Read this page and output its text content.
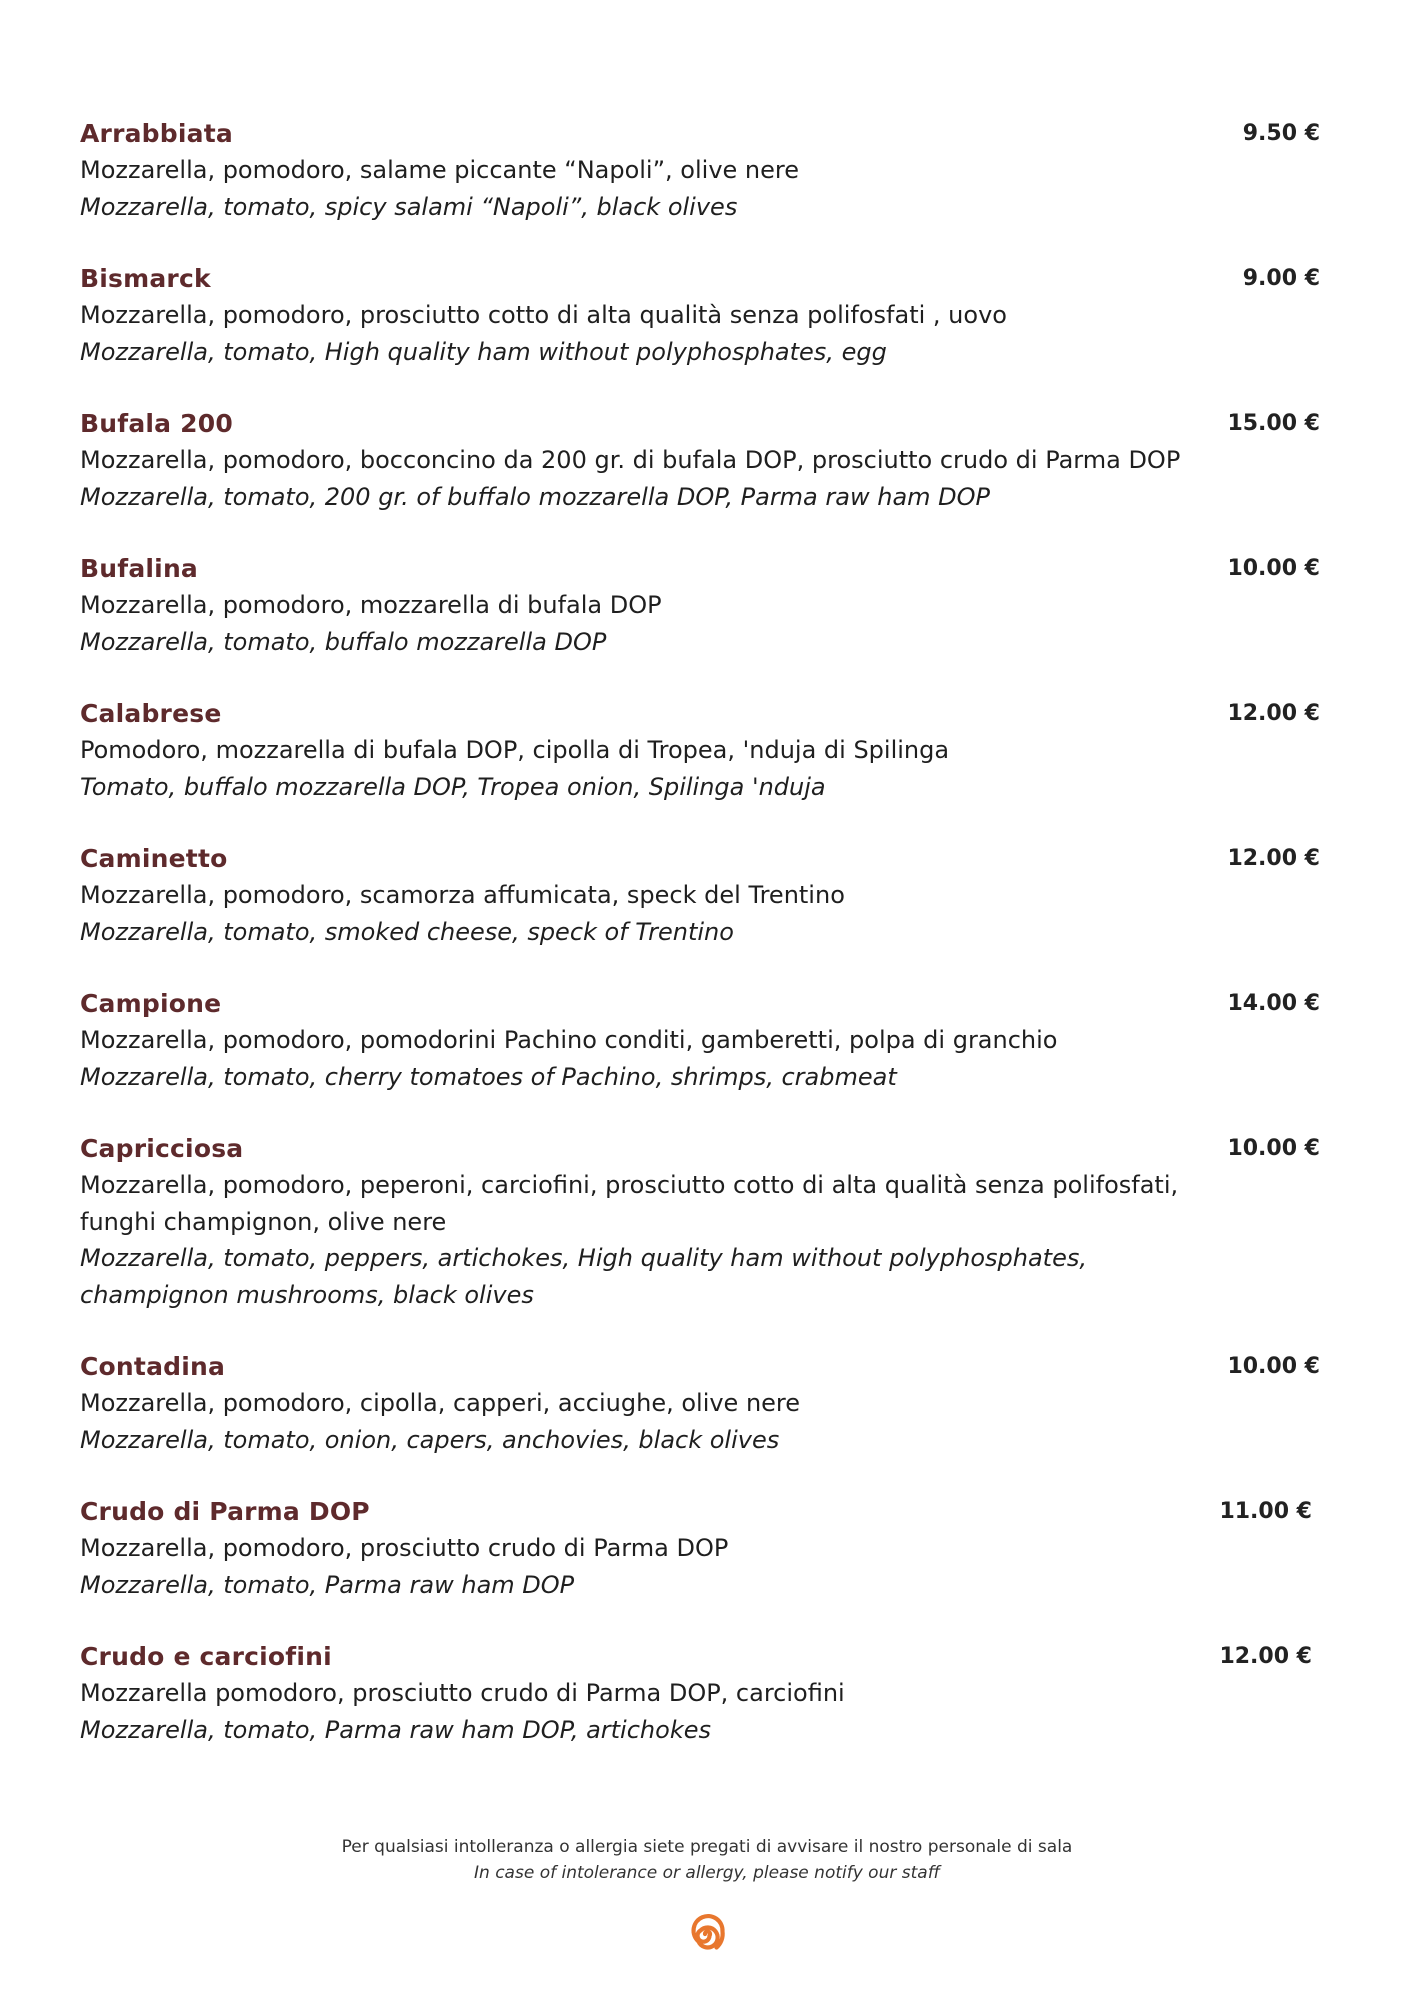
Arrabbiata	9.50 €
Mozzarella, pomodoro, salame piccante “Napoli”, olive nere
Mozzarella, tomato, spicy salami “Napoli”, black olives
Bismarck	9.00 €
Mozzarella, pomodoro, prosciutto cotto di alta qualità senza polifosfati , uovo
Mozzarella, tomato, High quality ham without polyphosphates, egg
Bufala 200	15.00 €
Mozzarella, pomodoro, bocconcino da 200 gr. di bufala DOP, prosciutto crudo di Parma DOP
Mozzarella, tomato, 200 gr. of buffalo mozzarella DOP, Parma raw ham DOP
Bufalina	10.00 €
Mozzarella, pomodoro, mozzarella di bufala DOP
Mozzarella, tomato, buffalo mozzarella DOP
Calabrese	12.00 €
Pomodoro, mozzarella di bufala DOP, cipolla di Tropea, 'nduja di Spilinga
Tomato, buffalo mozzarella DOP, Tropea onion, Spilinga 'nduja
Caminetto	12.00 €
Mozzarella, pomodoro, scamorza affumicata, speck del Trentino
Mozzarella, tomato, smoked cheese, speck of Trentino
Campione	14.00 €
Mozzarella, pomodoro, pomodorini Pachino conditi, gamberetti, polpa di granchio
Mozzarella, tomato, cherry tomatoes of Pachino, shrimps, crabmeat
Capricciosa	10.00 €
Mozzarella, pomodoro, peperoni, carciofini, prosciutto cotto di alta qualità senza polifosfati, funghi champignon, olive nere
Mozzarella, tomato, peppers, artichokes, High quality ham without polyphosphates, champignon mushrooms, black olives
Contadina	10.00 €
Mozzarella, pomodoro, cipolla, capperi, acciughe, olive nere
Mozzarella, tomato, onion, capers, anchovies, black olives
Crudo di Parma DOP	11.00 €
Mozzarella, pomodoro, prosciutto crudo di Parma DOP
Mozzarella, tomato, Parma raw ham DOP
Crudo e carciofini	12.00 €
Mozzarella pomodoro, prosciutto crudo di Parma DOP, carciofini
Mozzarella, tomato, Parma raw ham DOP, artichokes
Per qualsiasi intolleranza o allergia siete pregati di avvisare il nostro personale di sala
In case of intolerance or allergy, please notify our staff
